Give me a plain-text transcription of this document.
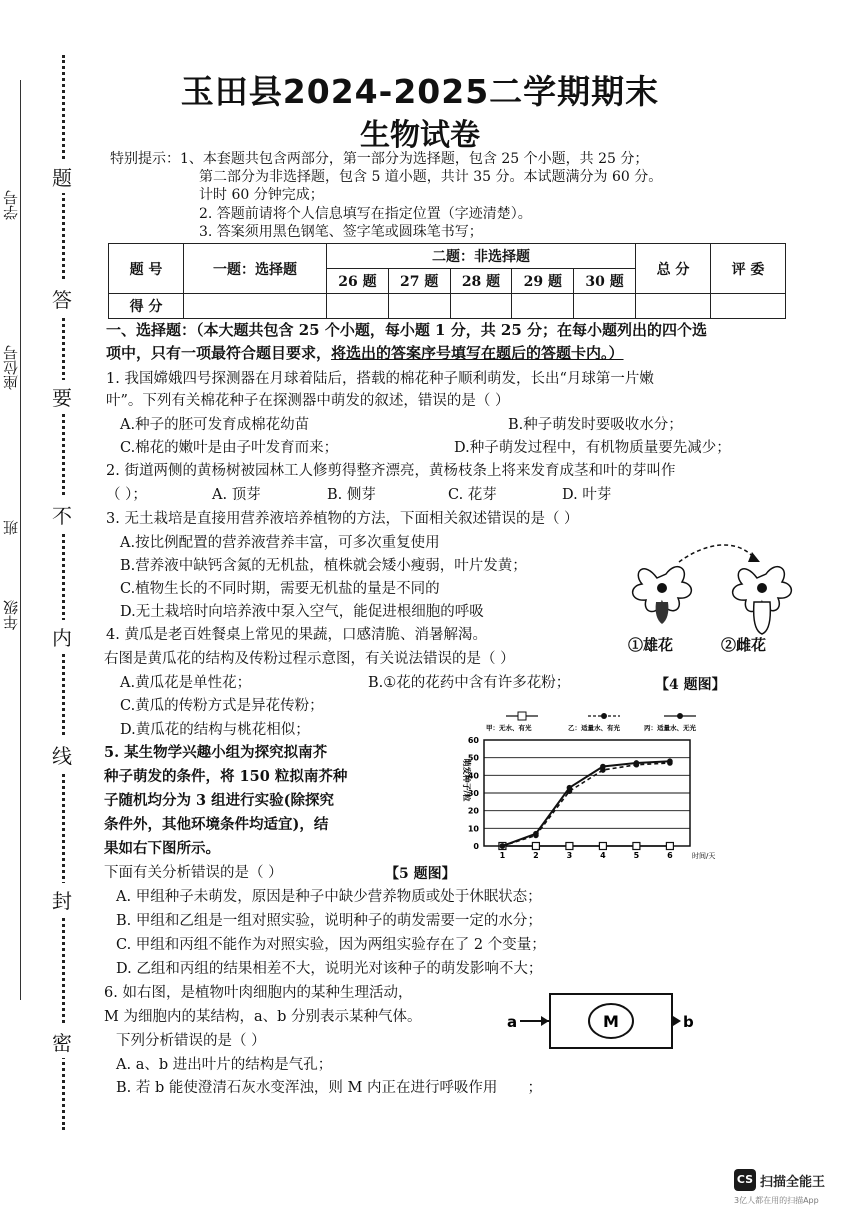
题
答
要
不
内
线
封
密
学号
座位号
班
年级
玉田县2024-2025二学期期末
生物试卷
特别提示：1、本套题共包含两部分，第一部分为选择题，包含 25 个小题，共 25 分；
第二部分为非选择题，包含 5 道小题，共计 35 分。本试题满分为 60 分。
计时 60 分钟完成；
2. 答题前请将个人信息填写在指定位置（字迹清楚）。
3. 答案须用黑色钢笔、签字笔或圆珠笔书写；
题 号	一题：选择题	二题：非选择题					总 分	评 委
		26 题	27 题	28 题	29 题	30 题		
得 分								
一、选择题：（本大题共包含 25 个小题，每小题 1 分，共 25 分；在每小题列出的四个选
项中，只有一项最符合题目要求，将选出的答案序号填写在题后的答题卡内。）
1. 我国嫦娥四号探测器在月球着陆后，搭载的棉花种子顺利萌发，长出“月球第一片嫩
叶”。下列有关棉花种子在探测器中萌发的叙述，错误的是（ ）
A.种子的胚可发育成棉花幼苗	B.种子萌发时要吸收水分；
C.棉花的嫩叶是由子叶发育而来；	D.种子萌发过程中，有机物质量要先减少；
2. 街道两侧的黄杨树被园林工人修剪得整齐漂亮，黄杨枝条上将来发育成茎和叶的芽叫作
（ ）；	A. 顶芽	B. 侧芽	C. 花芽	D. 叶芽
3. 无土栽培是直接用营养液培养植物的方法，下面相关叙述错误的是（ ）
A.按比例配置的营养液营养丰富，可多次重复使用
B.营养液中缺钙含氮的无机盐，植株就会矮小瘦弱，叶片发黄；
C.植物生长的不同时期，需要无机盐的量是不同的
D.无土栽培时向培养液中泵入空气，能促进根细胞的呼吸
①雄花	②雌花
4. 黄瓜是老百姓餐桌上常见的果蔬，口感清脆、消暑解渴。
右图是黄瓜花的结构及传粉过程示意图，有关说法错误的是（ ）
A.黄瓜花是单性花；	B.①花的花药中含有许多花粉；	【4 题图】
C.黄瓜的传粉方式是异花传粉；
D.黄瓜花的结构与桃花相似；
0
10
20
30
40
50
60
1	2	3	4	5	6	时间/天
萌发种子/粒
甲：无水、有光	乙：适量水、有光	丙：适量水、无光
5. 某生物学兴趣小组为探究拟南芥
种子萌发的条件，将 150 粒拟南芥种
子随机均分为 3 组进行实验(除探究
条件外，其他环境条件均适宜)，结
果如右下图所示。
下面有关分析错误的是（ ）	【5 题图】
A. 甲组种子未萌发，原因是种子中缺少营养物质或处于休眠状态；
B. 甲组和乙组是一组对照实验，说明种子的萌发需要一定的水分；
C. 甲组和丙组不能作为对照实验，因为两组实验存在了 2 个变量；
D. 乙组和丙组的结果相差不大，说明光对该种子的萌发影响不大；
6. 如右图，是植物叶肉细胞内的某种生理活动，
M 为细胞内的某结构，a、b 分别表示某种气体。
下列分析错误的是（ ）
A. a、b 进出叶片的结构是气孔；
B. 若 b 能使澄清石灰水变浑浊，则 M 内正在进行呼吸作用 ；
M
a	b
CS 扫描全能王
3亿人都在用的扫描App
